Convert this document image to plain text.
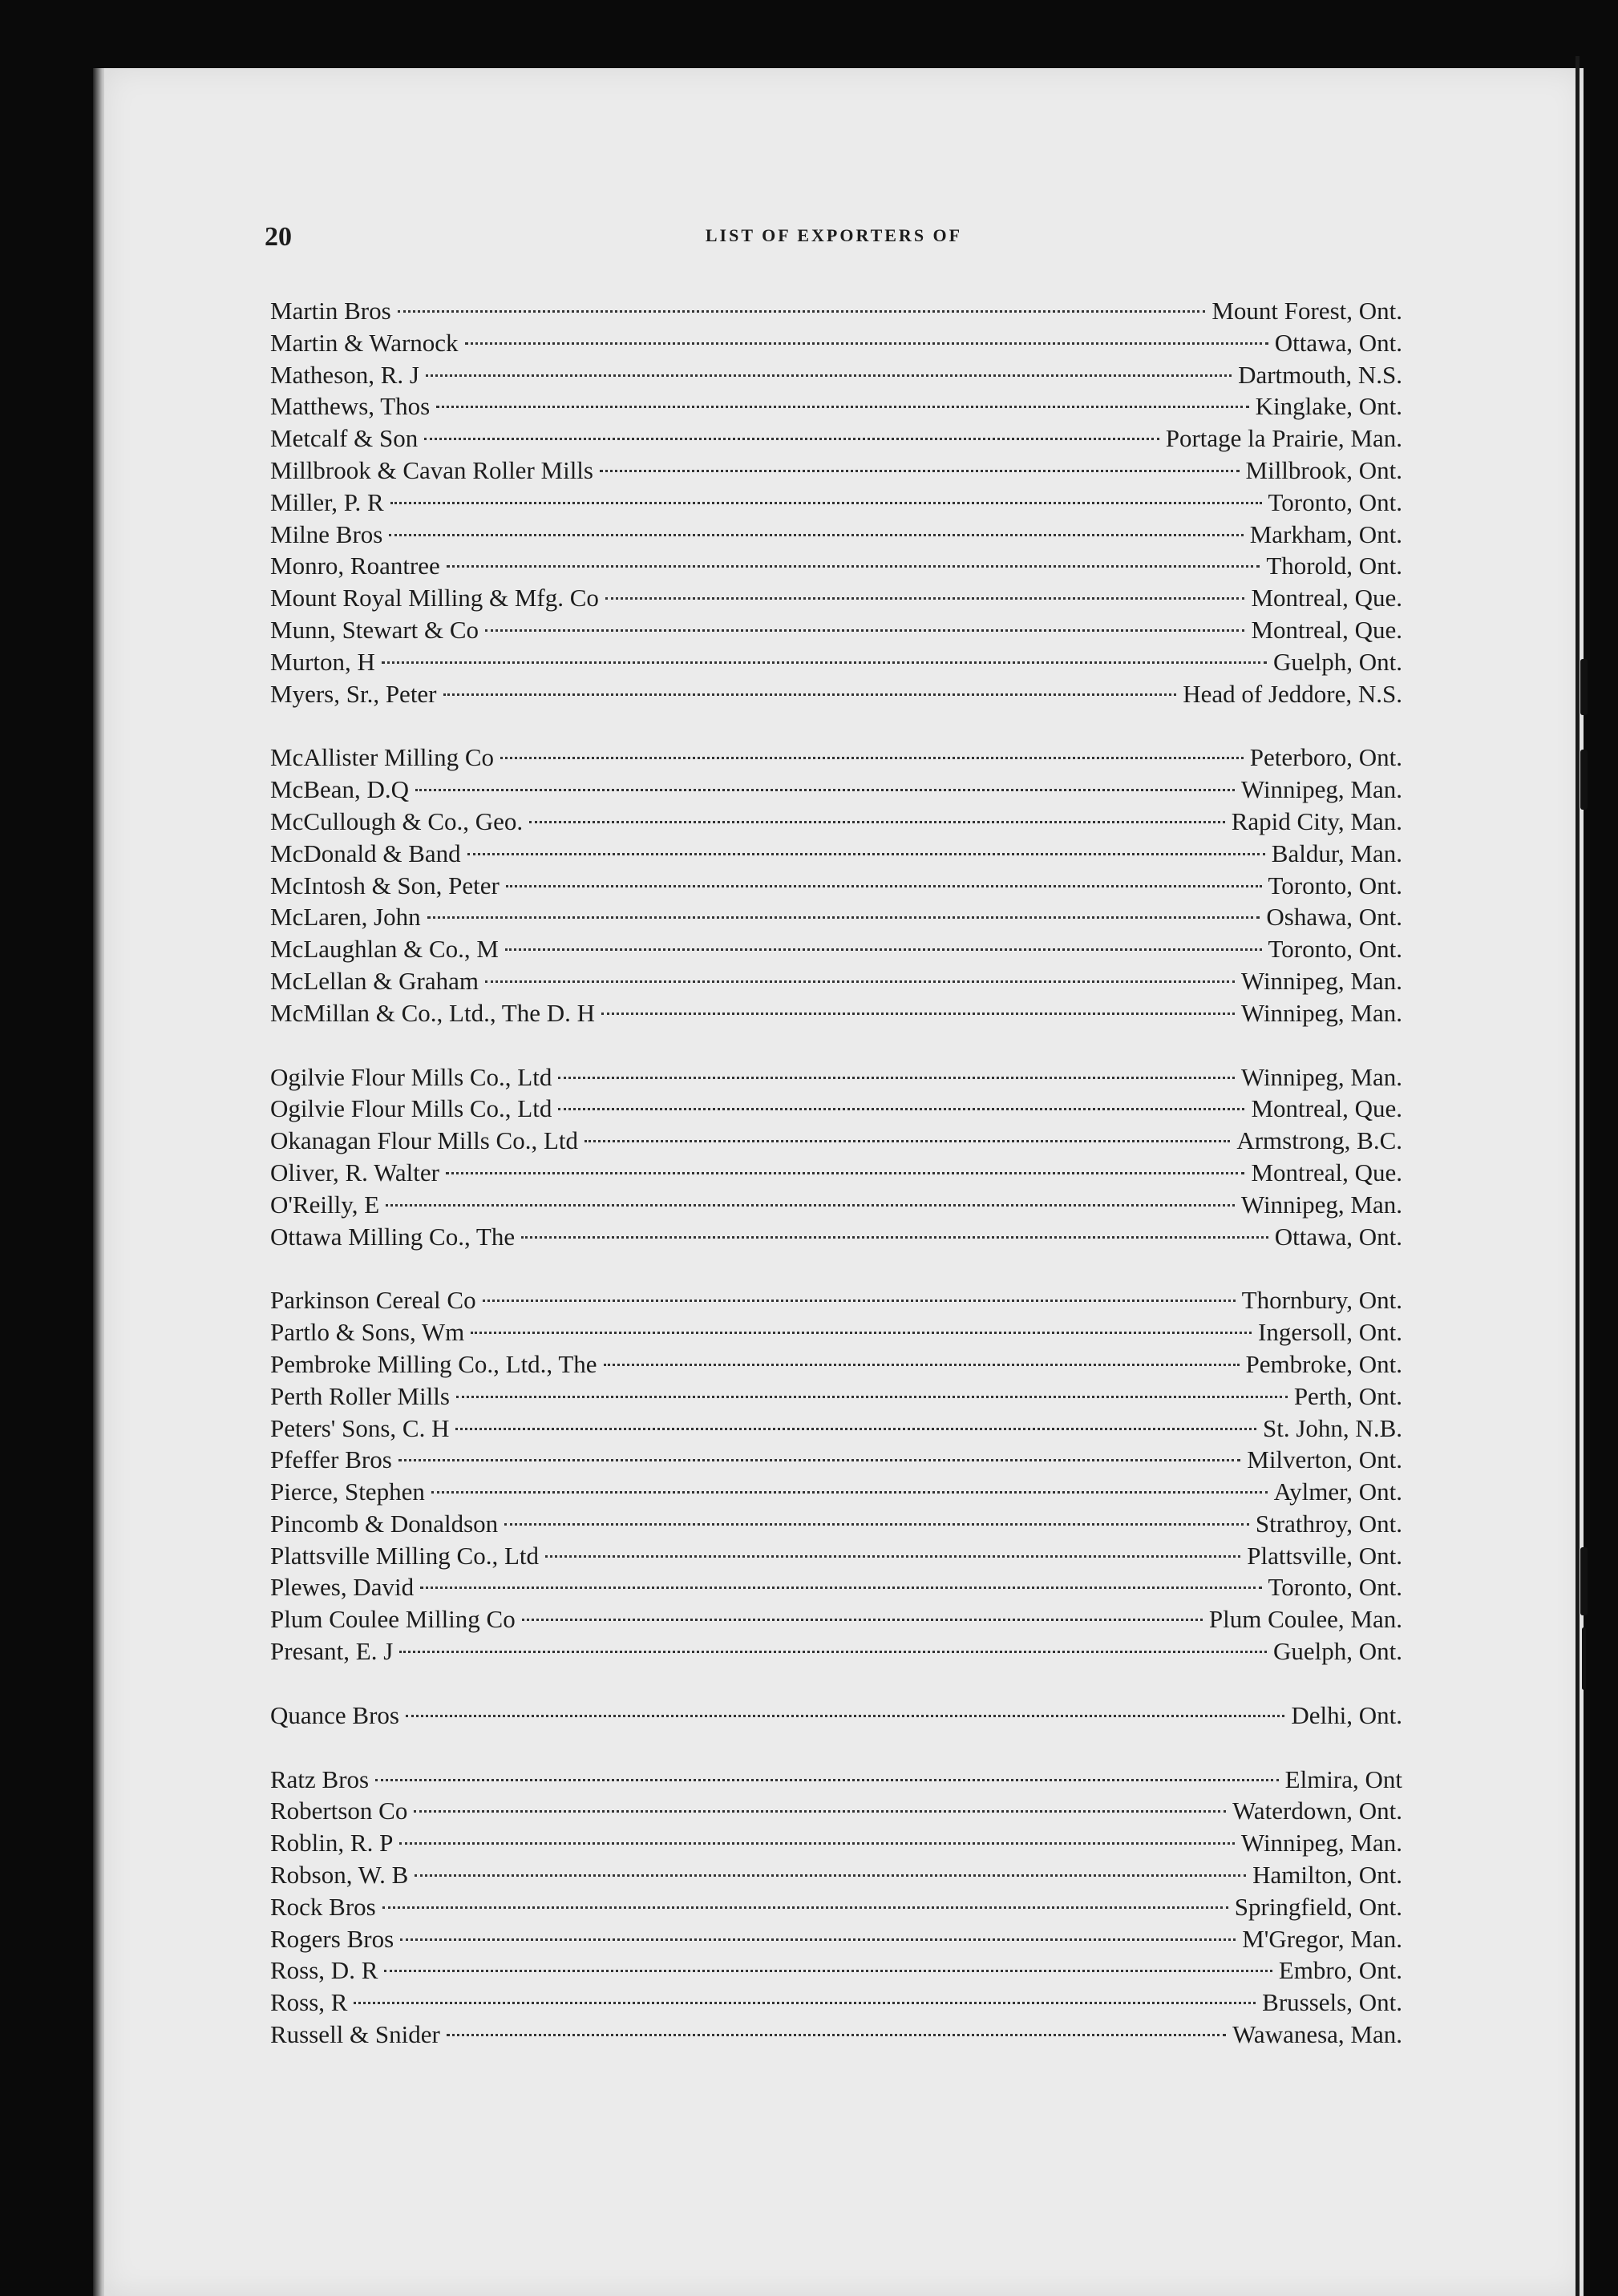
20	LIST OF EXPORTERS OF
Martin Bros	Mount Forest, Ont.
Martin & Warnock	Ottawa, Ont.
Matheson, R. J	Dartmouth, N.S.
Matthews, Thos	Kinglake, Ont.
Metcalf & Son	Portage la Prairie, Man.
Millbrook & Cavan Roller Mills	Millbrook, Ont.
Miller, P. R	Toronto, Ont.
Milne Bros	Markham, Ont.
Monro, Roantree	Thorold, Ont.
Mount Royal Milling & Mfg. Co	Montreal, Que.
Munn, Stewart & Co	Montreal, Que.
Murton, H	Guelph, Ont.
Myers, Sr., Peter	Head of Jeddore, N.S.
McAllister Milling Co	Peterboro, Ont.
McBean, D.Q	Winnipeg, Man.
McCullough & Co., Geo.	Rapid City, Man.
McDonald & Band	Baldur, Man.
McIntosh & Son, Peter	Toronto, Ont.
McLaren, John	Oshawa, Ont.
McLaughlan & Co., M	Toronto, Ont.
McLellan & Graham	Winnipeg, Man.
McMillan & Co., Ltd., The D. H	Winnipeg, Man.
Ogilvie Flour Mills Co., Ltd	Winnipeg, Man.
Ogilvie Flour Mills Co., Ltd	Montreal, Que.
Okanagan Flour Mills Co., Ltd	Armstrong, B.C.
Oliver, R. Walter	Montreal, Que.
O'Reilly, E	Winnipeg, Man.
Ottawa Milling Co., The	Ottawa, Ont.
Parkinson Cereal Co	Thornbury, Ont.
Partlo & Sons, Wm	Ingersoll, Ont.
Pembroke Milling Co., Ltd., The	Pembroke, Ont.
Perth Roller Mills	Perth, Ont.
Peters' Sons, C. H	St. John, N.B.
Pfeffer Bros	Milverton, Ont.
Pierce, Stephen	Aylmer, Ont.
Pincomb & Donaldson	Strathroy, Ont.
Plattsville Milling Co., Ltd	Plattsville, Ont.
Plewes, David	Toronto, Ont.
Plum Coulee Milling Co	Plum Coulee, Man.
Presant, E. J	Guelph, Ont.
Quance Bros	Delhi, Ont.
Ratz Bros	Elmira, Ont
Robertson Co	Waterdown, Ont.
Roblin, R. P	Winnipeg, Man.
Robson, W. B	Hamilton, Ont.
Rock Bros	Springfield, Ont.
Rogers Bros	M'Gregor, Man.
Ross, D. R	Embro, Ont.
Ross, R	Brussels, Ont.
Russell & Snider	Wawanesa, Man.
